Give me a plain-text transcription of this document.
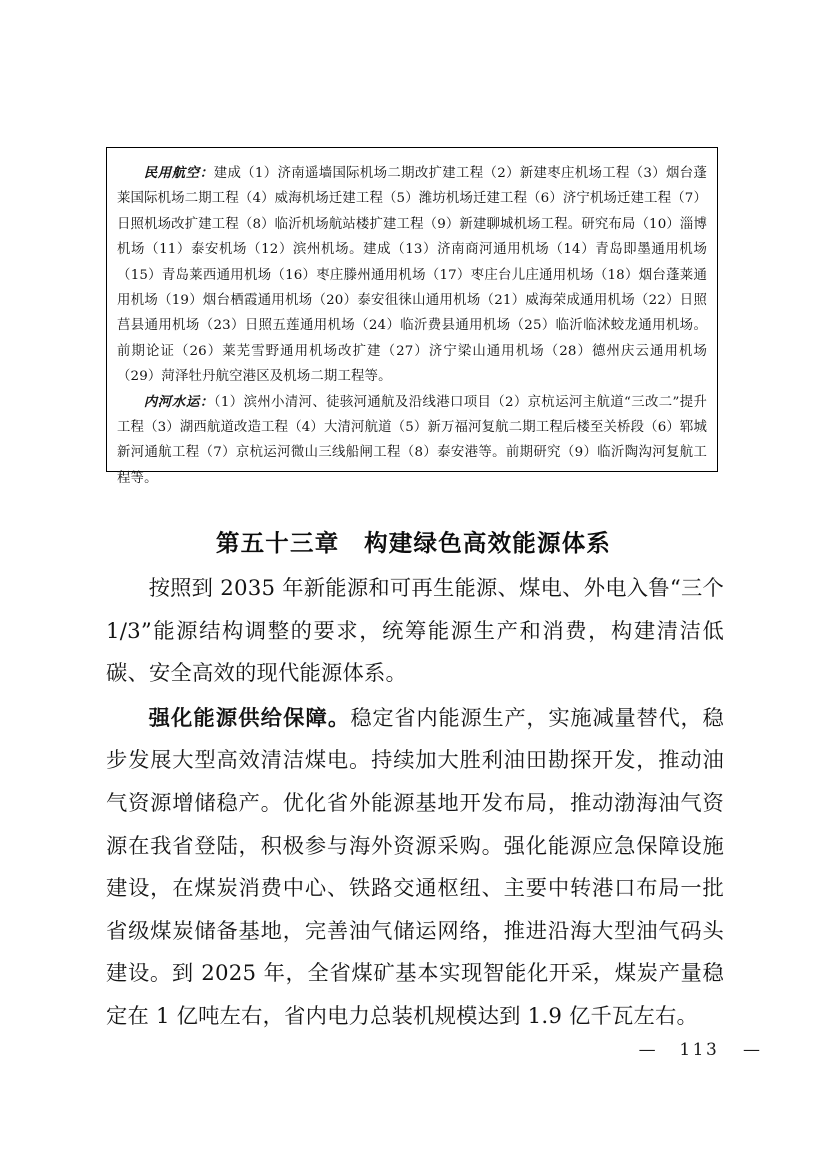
民用航空：建成（1）济南遥墙国际机场二期改扩建工程（2）新建枣庄机场工程（3）烟台蓬莱国际机场二期工程（4）威海机场迁建工程（5）潍坊机场迁建工程（6）济宁机场迁建工程（7）日照机场改扩建工程（8）临沂机场航站楼扩建工程（9）新建聊城机场工程。研究布局（10）淄博机场（11）泰安机场（12）滨州机场。建成（13）济南商河通用机场（14）青岛即墨通用机场（15）青岛莱西通用机场（16）枣庄滕州通用机场（17）枣庄台儿庄通用机场（18）烟台蓬莱通用机场（19）烟台栖霞通用机场（20）泰安徂徕山通用机场（21）威海荣成通用机场（22）日照莒县通用机场（23）日照五莲通用机场（24）临沂费县通用机场（25）临沂临沭蛟龙通用机场。前期论证（26）莱芜雪野通用机场改扩建（27）济宁梁山通用机场（28）德州庆云通用机场（29）菏泽牡丹航空港区及机场二期工程等。

内河水运：（1）滨州小清河、徒骇河通航及沿线港口项目（2）京杭运河主航道“三改二”提升工程（3）湖西航道改造工程（4）大清河航道（5）新万福河复航二期工程后楼至关桥段（6）郓城新河通航工程（7）京杭运河微山三线船闸工程（8）泰安港等。前期研究（9）临沂陶沟河复航工程等。

第五十三章　构建绿色高效能源体系

按照到 2035 年新能源和可再生能源、煤电、外电入鲁“三个 1/3”能源结构调整的要求，统筹能源生产和消费，构建清洁低碳、安全高效的现代能源体系。

强化能源供给保障。稳定省内能源生产，实施减量替代，稳步发展大型高效清洁煤电。持续加大胜利油田勘探开发，推动油气资源增储稳产。优化省外能源基地开发布局，推动渤海油气资源在我省登陆，积极参与海外资源采购。强化能源应急保障设施建设，在煤炭消费中心、铁路交通枢纽、主要中转港口布局一批省级煤炭储备基地，完善油气储运网络，推进沿海大型油气码头建设。到 2025 年，全省煤矿基本实现智能化开采，煤炭产量稳定在 1 亿吨左右，省内电力总装机规模达到 1.9 亿千瓦左右。

— 113 —
